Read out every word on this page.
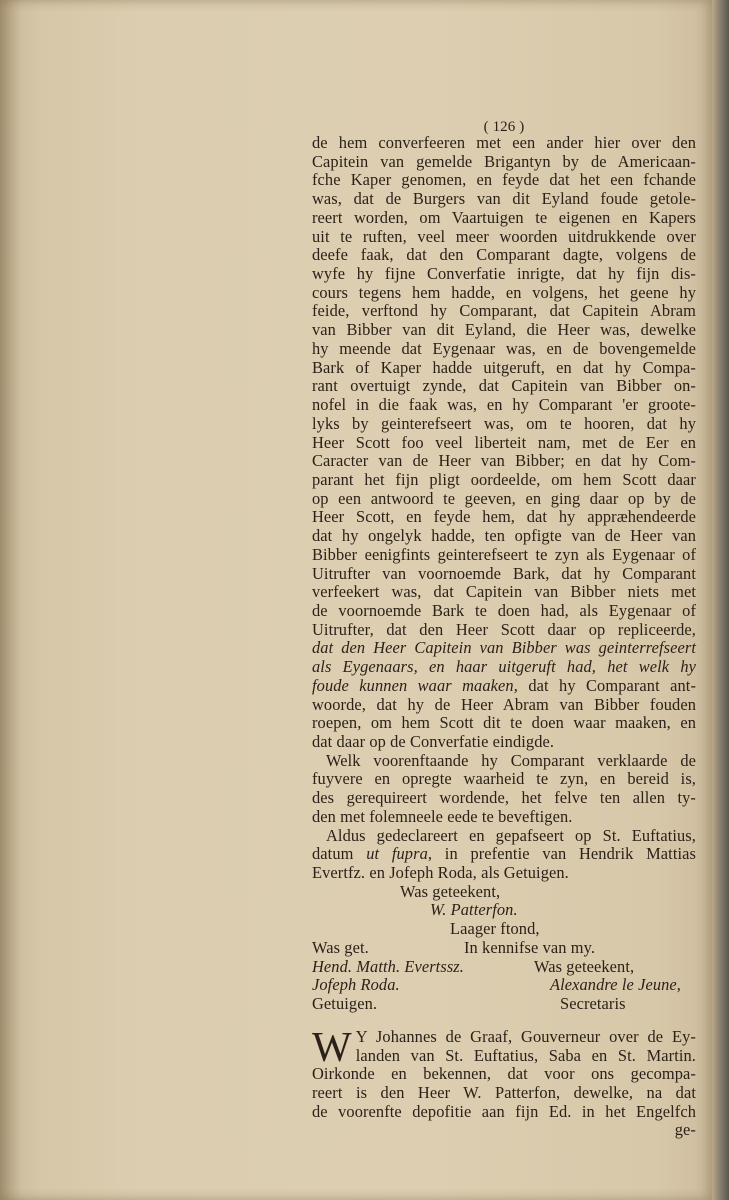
( 126 )
de hem converfeeren met een ander hier over den
Capitein van gemelde Brigantyn by de Americaan-
fche Kaper genomen, en feyde dat het een fchande
was, dat de Burgers van dit Eyland foude getole-
reert worden, om Vaartuigen te eigenen en Kapers
uit te ruften, veel meer woorden uitdrukkende over
deefe faak, dat den Comparant dagte, volgens de
wyfe hy fijne Converfatie inrigte, dat hy fijn dis-
cours tegens hem hadde, en volgens, het geene hy
feide, verftond hy Comparant, dat Capitein Abram
van Bibber van dit Eyland, die Heer was, dewelke
hy meende dat Eygenaar was, en de bovengemelde
Bark of Kaper hadde uitgeruft, en dat hy Compa-
rant overtuigt zynde, dat Capitein van Bibber on-
nofel in die faak was, en hy Comparant 'er groote-
lyks by geinterefseert was, om te hooren, dat hy
Heer Scott foo veel liberteit nam, met de Eer en
Caracter van de Heer van Bibber; en dat hy Com-
parant het fijn pligt oordeelde, om hem Scott daar
op een antwoord te geeven, en ging daar op by de
Heer Scott, en feyde hem, dat hy appræhendeerde
dat hy ongelyk hadde, ten opfigte van de Heer van
Bibber eenigfints geinterefseert te zyn als Eygenaar of
Uitrufter van voornoemde Bark, dat hy Comparant
verfeekert was, dat Capitein van Bibber niets met
de voornoemde Bark te doen had, als Eygenaar of
Uitrufter, dat den Heer Scott daar op repliceerde,
dat den Heer Capitein van Bibber was geinterrefseert
als Eygenaars, en haar uitgeruft had, het welk hy
foude kunnen waar maaken, dat hy Comparant ant-
woorde, dat hy de Heer Abram van Bibber fouden
roepen, om hem Scott dit te doen waar maaken, en
dat daar op de Converfatie eindigde.
Welk voorenftaande hy Comparant verklaarde de
fuyvere en opregte waarheid te zyn, en bereid is,
des gerequireert wordende, het felve ten allen ty-
den met folemneele eede te beveftigen.
Aldus gedeclareert en gepafseert op St. Euftatius,
datum ut fupra, in prefentie van Hendrik Mattias
Evertfz. en Jofeph Roda, als Getuigen.
Was geteekent,
W. Patterfon.
Laager ftond,
Was get.	In kennifse van my.
Hend. Matth. Evertssz.	Was geteekent,
Jofeph Roda.	Alexandre le Jeune,
Getuigen.	Secretaris
W Y Johannes de Graaf, Gouverneur over de Ey-
landen van St. Euftatius, Saba en St. Martin.
Oirkonde en bekennen, dat voor ons gecompa-
reert is den Heer W. Patterfon, dewelke, na dat
de voorenfte depofitie aan fijn Ed. in het Engelfch
ge-
